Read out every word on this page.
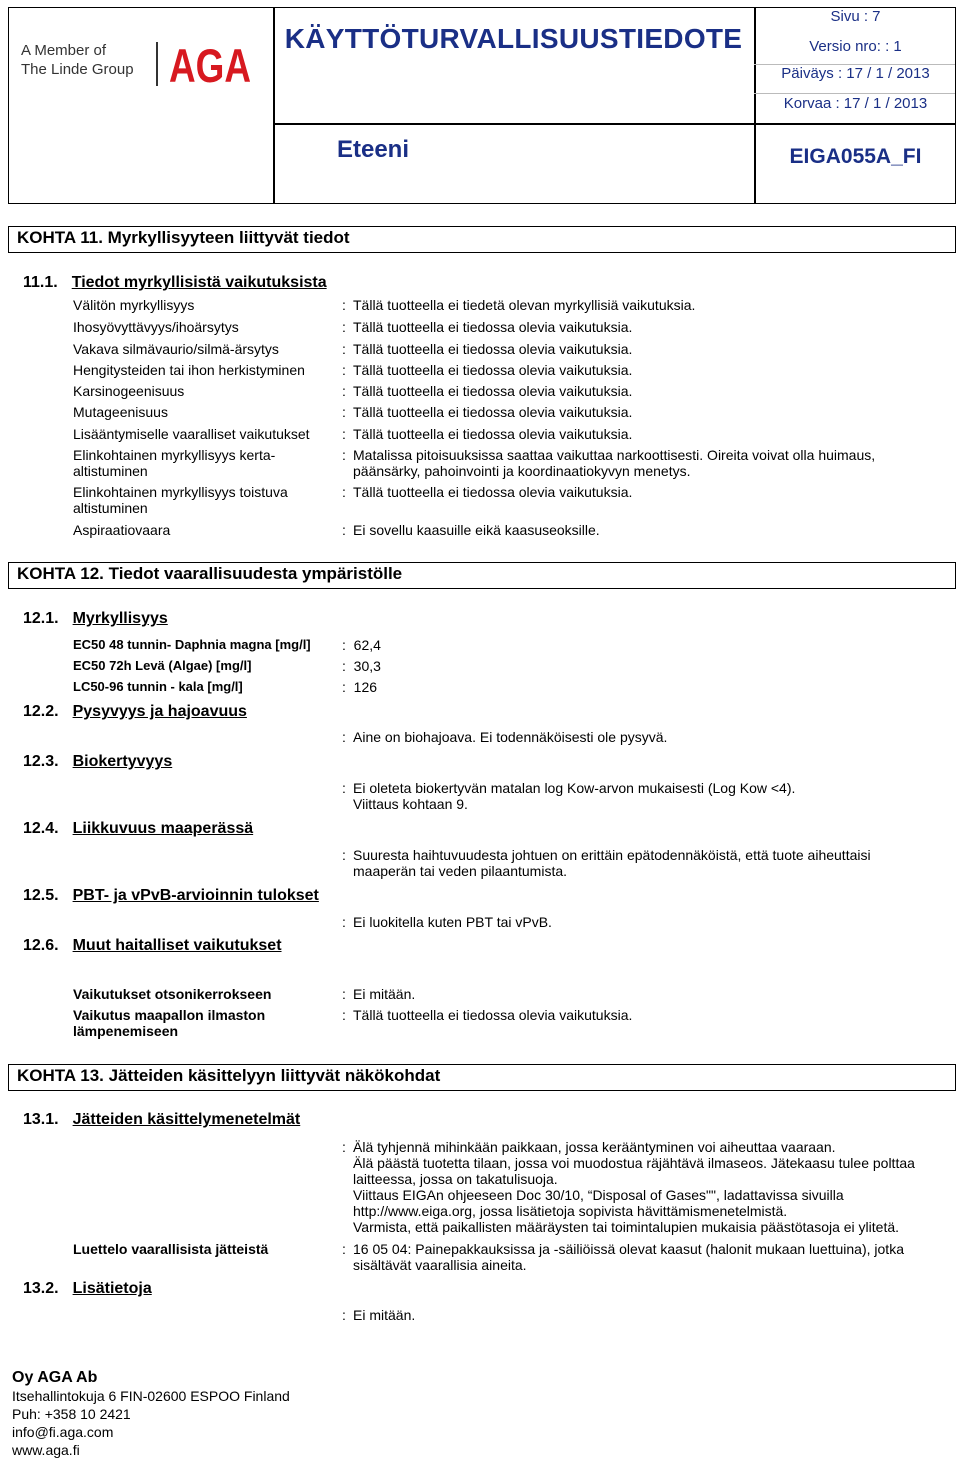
A Member of
The Linde Group AGA
KÄYTTÖTURVALLISUUSTIEDOTE
Eteeni
Sivu : 7
Versio nro: : 1
Päiväys : 17 / 1 / 2013
Korvaa : 17 / 1 / 2013
EIGA055A_FI
KOHTA 11. Myrkyllisyyteen liittyvät tiedot
11.1. Tiedot myrkyllisistä vaikutuksista
Välitön myrkyllisyys	: Tällä tuotteella ei tiedetä olevan myrkyllisiä vaikutuksia.
Ihosyövyttävyys/ihoärsytys	: Tällä tuotteella ei tiedossa olevia vaikutuksia.
Vakava silmävaurio/silmä-ärsytys	: Tällä tuotteella ei tiedossa olevia vaikutuksia.
Hengitysteiden tai ihon herkistyminen	: Tällä tuotteella ei tiedossa olevia vaikutuksia.
Karsinogeenisuus	: Tällä tuotteella ei tiedossa olevia vaikutuksia.
Mutageenisuus	: Tällä tuotteella ei tiedossa olevia vaikutuksia.
Lisääntymiselle vaaralliset vaikutukset	: Tällä tuotteella ei tiedossa olevia vaikutuksia.
Elinkohtainen myrkyllisyys kerta-altistuminen
: Matalissa pitoisuuksissa saattaa vaikuttaa narkoottisesti. Oireita voivat olla huimaus, päänsärky, pahoinvointi ja koordinaatiokyvyn menetys.
Elinkohtainen myrkyllisyys toistuva altistuminen
: Tällä tuotteella ei tiedossa olevia vaikutuksia.
Aspiraatiovaara	: Ei sovellu kaasuille eikä kaasuseoksille.
KOHTA 12. Tiedot vaarallisuudesta ympäristölle
12.1. Myrkyllisyys
EC50 48 tunnin- Daphnia magna [mg/l] :  62,4
EC50 72h Levä (Algae) [mg/l]	:  30,3
LC50-96 tunnin - kala [mg/l]	:  126
12.2. Pysyvyys ja hajoavuus
: Aine on biohajoava. Ei todennäköisesti ole pysyvä.
12.3. Biokertyvyys
: Ei oleteta biokertyvän matalan log Kow-arvon mukaisesti (Log Kow <4). Viittaus kohtaan 9.
12.4. Liikkuvuus maaperässä
: Suuresta haihtuvuudesta johtuen on erittäin epätodennäköistä, että tuote aiheuttaisi maaperän tai veden pilaantumista.
12.5. PBT- ja vPvB-arvioinnin tulokset
: Ei luokitella kuten PBT tai vPvB.
12.6. Muut haitalliset vaikutukset
Vaikutukset otsonikerrokseen	: Ei mitään.
Vaikutus maapallon ilmaston lämpenemiseen
: Tällä tuotteella ei tiedossa olevia vaikutuksia.
KOHTA 13. Jätteiden käsittelyyn liittyvät näkökohdat
13.1. Jätteiden käsittelymenetelmät
: Älä tyhjennä mihinkään paikkaan, jossa kerääntyminen voi aiheuttaa vaaraan.
Älä päästä tuotetta tilaan, jossa voi muodostua räjähtävä ilmaseos. Jätekaasu tulee polttaa laitteessa, jossa on takatulisuoja.
Viittaus EIGAn ohjeeseen Doc 30/10, “Disposal of Gases"", ladattavissa sivuilla http://www.eiga.org, jossa lisätietoja sopivista hävittämismenetelmistä.
Varmista, että paikallisten määräysten tai toimintalupien mukaisia päästötasoja ei ylitetä.
Luettelo vaarallisista jätteistä	: 16 05 04: Painepakkauksissa ja -säiliöissä olevat kaasut (halonit mukaan luettuina), jotka sisältävät vaarallisia aineita.
13.2. Lisätietoja
: Ei mitään.
Oy AGA Ab
Itsehallintokuja 6 FIN-02600 ESPOO Finland
Puh: +358 10 2421
info@fi.aga.com
www.aga.fi
